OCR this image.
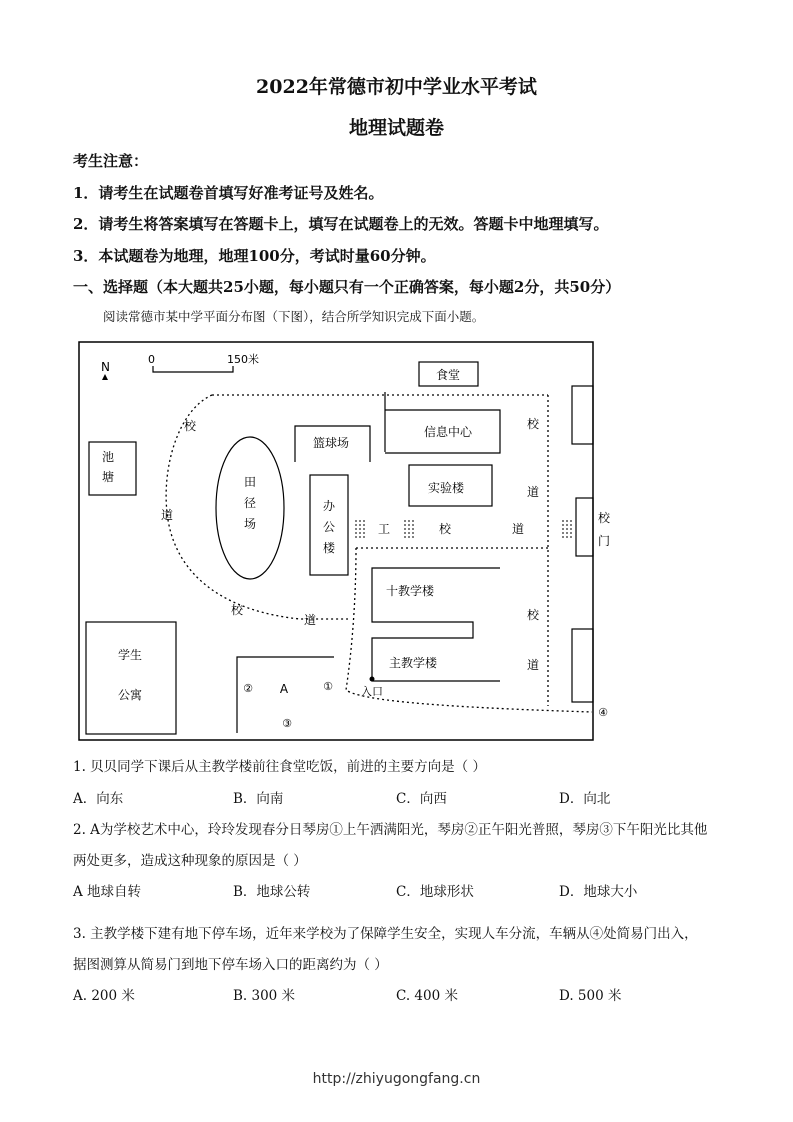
2022年常德市初中学业水平考试
地理试题卷
考生注意：
1．请考生在试题卷首填写好准考证号及姓名。
2．请考生将答案填写在答题卡上，填写在试题卷上的无效。答题卡中地理填写。
3．本试题卷为地理，地理100分，考试时量60分钟。
一、选择题（本大题共25小题，每小题只有一个正确答案，每小题2分，共50分）
阅读常德市某中学平面分布图（下图），结合所学知识完成下面小题。
N
0	150米
食堂
池
塘	田
径
场
篮球场
信息中心
实验楼
办
公
楼
校
门
十教学楼
主教学楼
学生
公寓	A
②	①
③
④
入口
校
道
校
道
工	校	道
校
道
校
道
1. 贝贝同学下课后从主教学楼前往食堂吃饭，前进的主要方向是（ ）
A．向东	B．向南	C．向西	D．向北
2. A为学校艺术中心，玲玲发现春分日琴房①上午洒满阳光，琴房②正午阳光普照，琴房③下午阳光比其他
两处更多，造成这种现象的原因是（ ）
A 地球自转	B．地球公转	C．地球形状	D．地球大小
3. 主教学楼下建有地下停车场，近年来学校为了保障学生安全，实现人车分流，车辆从④处简易门出入，
据图测算从简易门到地下停车场入口的距离约为（ ）
A. 200 米	B. 300 米	C. 400 米	D. 500 米
http://zhiyugongfang.cn
